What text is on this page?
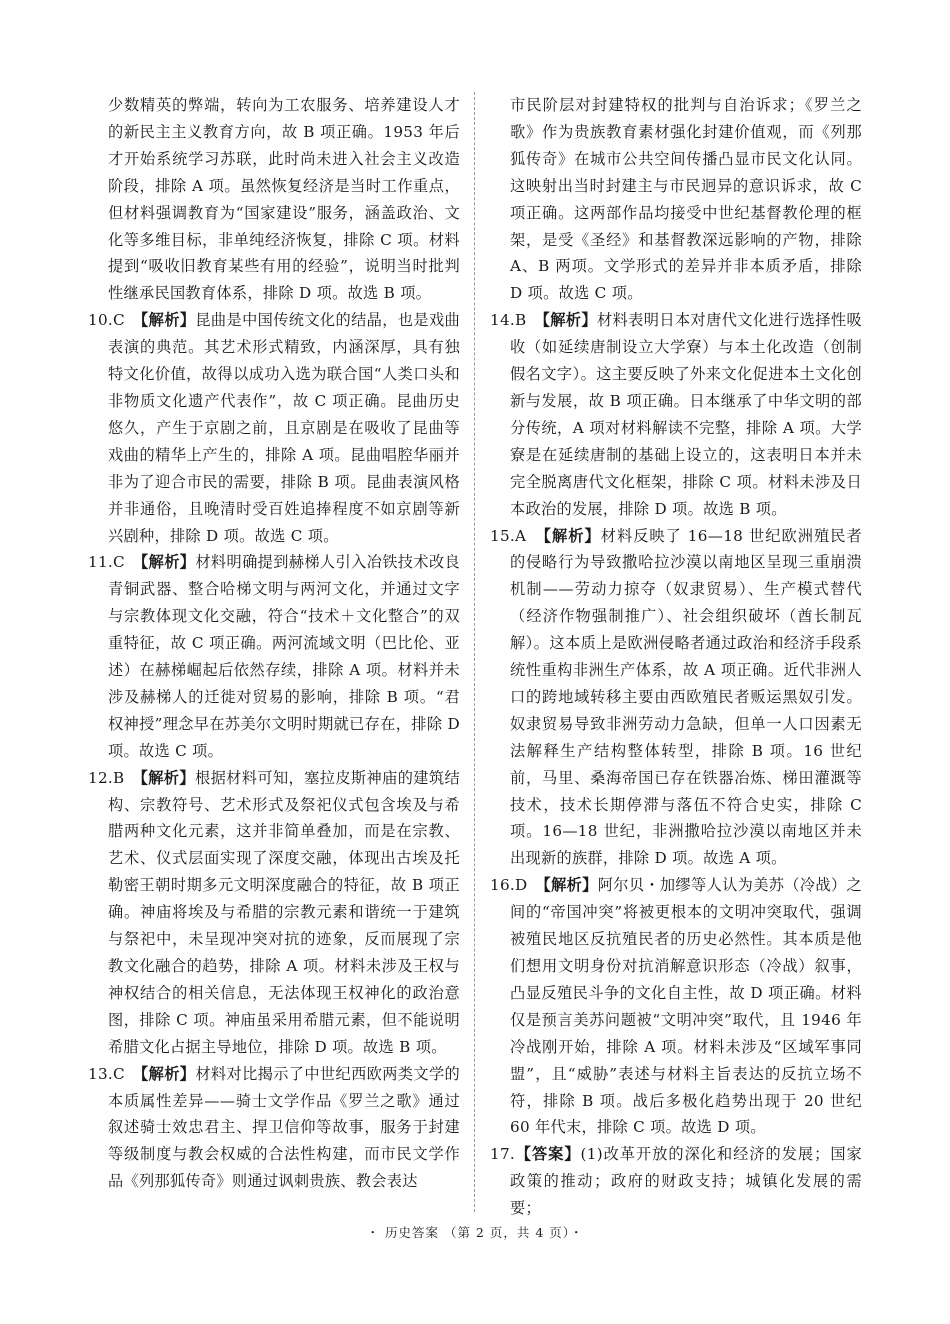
少数精英的弊端，转向为工农服务、培养建设人才的新民主主义教育方向，故 B 项正确。1953 年后才开始系统学习苏联，此时尚未进入社会主义改造阶段，排除 A 项。虽然恢复经济是当时工作重点，但材料强调教育为“国家建设”服务，涵盖政治、文化等多维目标，非单纯经济恢复，排除 C 项。材料提到“吸收旧教育某些有用的经验”，说明当时批判性继承民国教育体系，排除 D 项。故选 B 项。

10.C　 【解析】昆曲是中国传统文化的结晶，也是戏曲表演的典范。其艺术形式精致，内涵深厚，具有独特文化价值，故得以成功入选为联合国“人类口头和非物质文化遗产代表作”，故 C 项正确。昆曲历史悠久，产生于京剧之前，且京剧是在吸收了昆曲等戏曲的精华上产生的，排除 A 项。昆曲唱腔华丽并非为了迎合市民的需要，排除 B 项。昆曲表演风格并非通俗，且晚清时受百姓追捧程度不如京剧等新兴剧种，排除 D 项。故选 C 项。

11.C　 【解析】材料明确提到赫梯人引入冶铁技术改良青铜武器、整合哈梯文明与两河文化，并通过文字与宗教体现文化交融，符合“技术＋文化整合”的双重特征，故 C 项正确。两河流域文明（巴比伦、亚述）在赫梯崛起后依然存续，排除 A 项。材料并未涉及赫梯人的迁徙对贸易的影响，排除 B 项。“君权神授”理念早在苏美尔文明时期就已存在，排除 D 项。故选 C 项。

12.B　 【解析】根据材料可知，塞拉皮斯神庙的建筑结构、宗教符号、艺术形式及祭祀仪式包含埃及与希腊两种文化元素，这并非简单叠加，而是在宗教、艺术、仪式层面实现了深度交融，体现出古埃及托勒密王朝时期多元文明深度融合的特征，故 B 项正确。神庙将埃及与希腊的宗教元素和谐统一于建筑与祭祀中，未呈现冲突对抗的迹象，反而展现了宗教文化融合的趋势，排除 A 项。材料未涉及王权与神权结合的相关信息，无法体现王权神化的政治意图，排除 C 项。神庙虽采用希腊元素，但不能说明希腊文化占据主导地位，排除 D 项。故选 B 项。

13.C　 【解析】材料对比揭示了中世纪西欧两类文学的本质属性差异——骑士文学作品《罗兰之歌》通过叙述骑士效忠君主、捍卫信仰等故事，服务于封建等级制度与教会权威的合法性构建，而市民文学作品《列那狐传奇》则通过讽刺贵族、教会表达

市民阶层对封建特权的批判与自治诉求；《罗兰之歌》作为贵族教育素材强化封建价值观，而《列那狐传奇》在城市公共空间传播凸显市民文化认同。这映射出当时封建主与市民迥异的意识诉求，故 C 项正确。这两部作品均接受中世纪基督教伦理的框架，是受《圣经》和基督教深远影响的产物，排除 A、B 两项。文学形式的差异并非本质矛盾，排除 D 项。故选 C 项。

14.B　 【解析】材料表明日本对唐代文化进行选择性吸收（如延续唐制设立大学寮）与本土化改造（创制假名文字）。这主要反映了外来文化促进本土文化创新与发展，故 B 项正确。日本继承了中华文明的部分传统，A 项对材料解读不完整，排除 A 项。大学寮是在延续唐制的基础上设立的，这表明日本并未完全脱离唐代文化框架，排除 C 项。材料未涉及日本政治的发展，排除 D 项。故选 B 项。

15.A　 【解析】材料反映了 16—18 世纪欧洲殖民者的侵略行为导致撒哈拉沙漠以南地区呈现三重崩溃机制——劳动力掠夺（奴隶贸易）、生产模式替代（经济作物强制推广）、社会组织破坏（酋长制瓦解）。这本质上是欧洲侵略者通过政治和经济手段系统性重构非洲生产体系，故 A 项正确。近代非洲人口的跨地域转移主要由西欧殖民者贩运黑奴引发。奴隶贸易导致非洲劳动力急缺，但单一人口因素无法解释生产结构整体转型，排除 B 项。16 世纪前，马里、桑海帝国已存在铁器冶炼、梯田灌溉等技术，技术长期停滞与落伍不符合史实，排除 C 项。16—18 世纪，非洲撒哈拉沙漠以南地区并未出现新的族群，排除 D 项。故选 A 项。

16.D　 【解析】阿尔贝・加缪等人认为美苏（冷战）之间的“帝国冲突”将被更根本的文明冲突取代，强调被殖民地区反抗殖民者的历史必然性。其本质是他们想用文明身份对抗消解意识形态（冷战）叙事，凸显反殖民斗争的文化自主性，故 D 项正确。材料仅是预言美苏问题被“文明冲突”取代，且 1946 年冷战刚开始，排除 A 项。材料未涉及“区域军事同盟”，且“威胁”表述与材料主旨表达的反抗立场不符，排除 B 项。战后多极化趋势出现于 20 世纪 60 年代末，排除 C 项。故选 D 项。

17.【答案】(1)改革开放的深化和经济的发展；国家政策的推动；政府的财政支持；城镇化发展的需要；

・ 历史答案 （第 2 页，共 4 页）・
